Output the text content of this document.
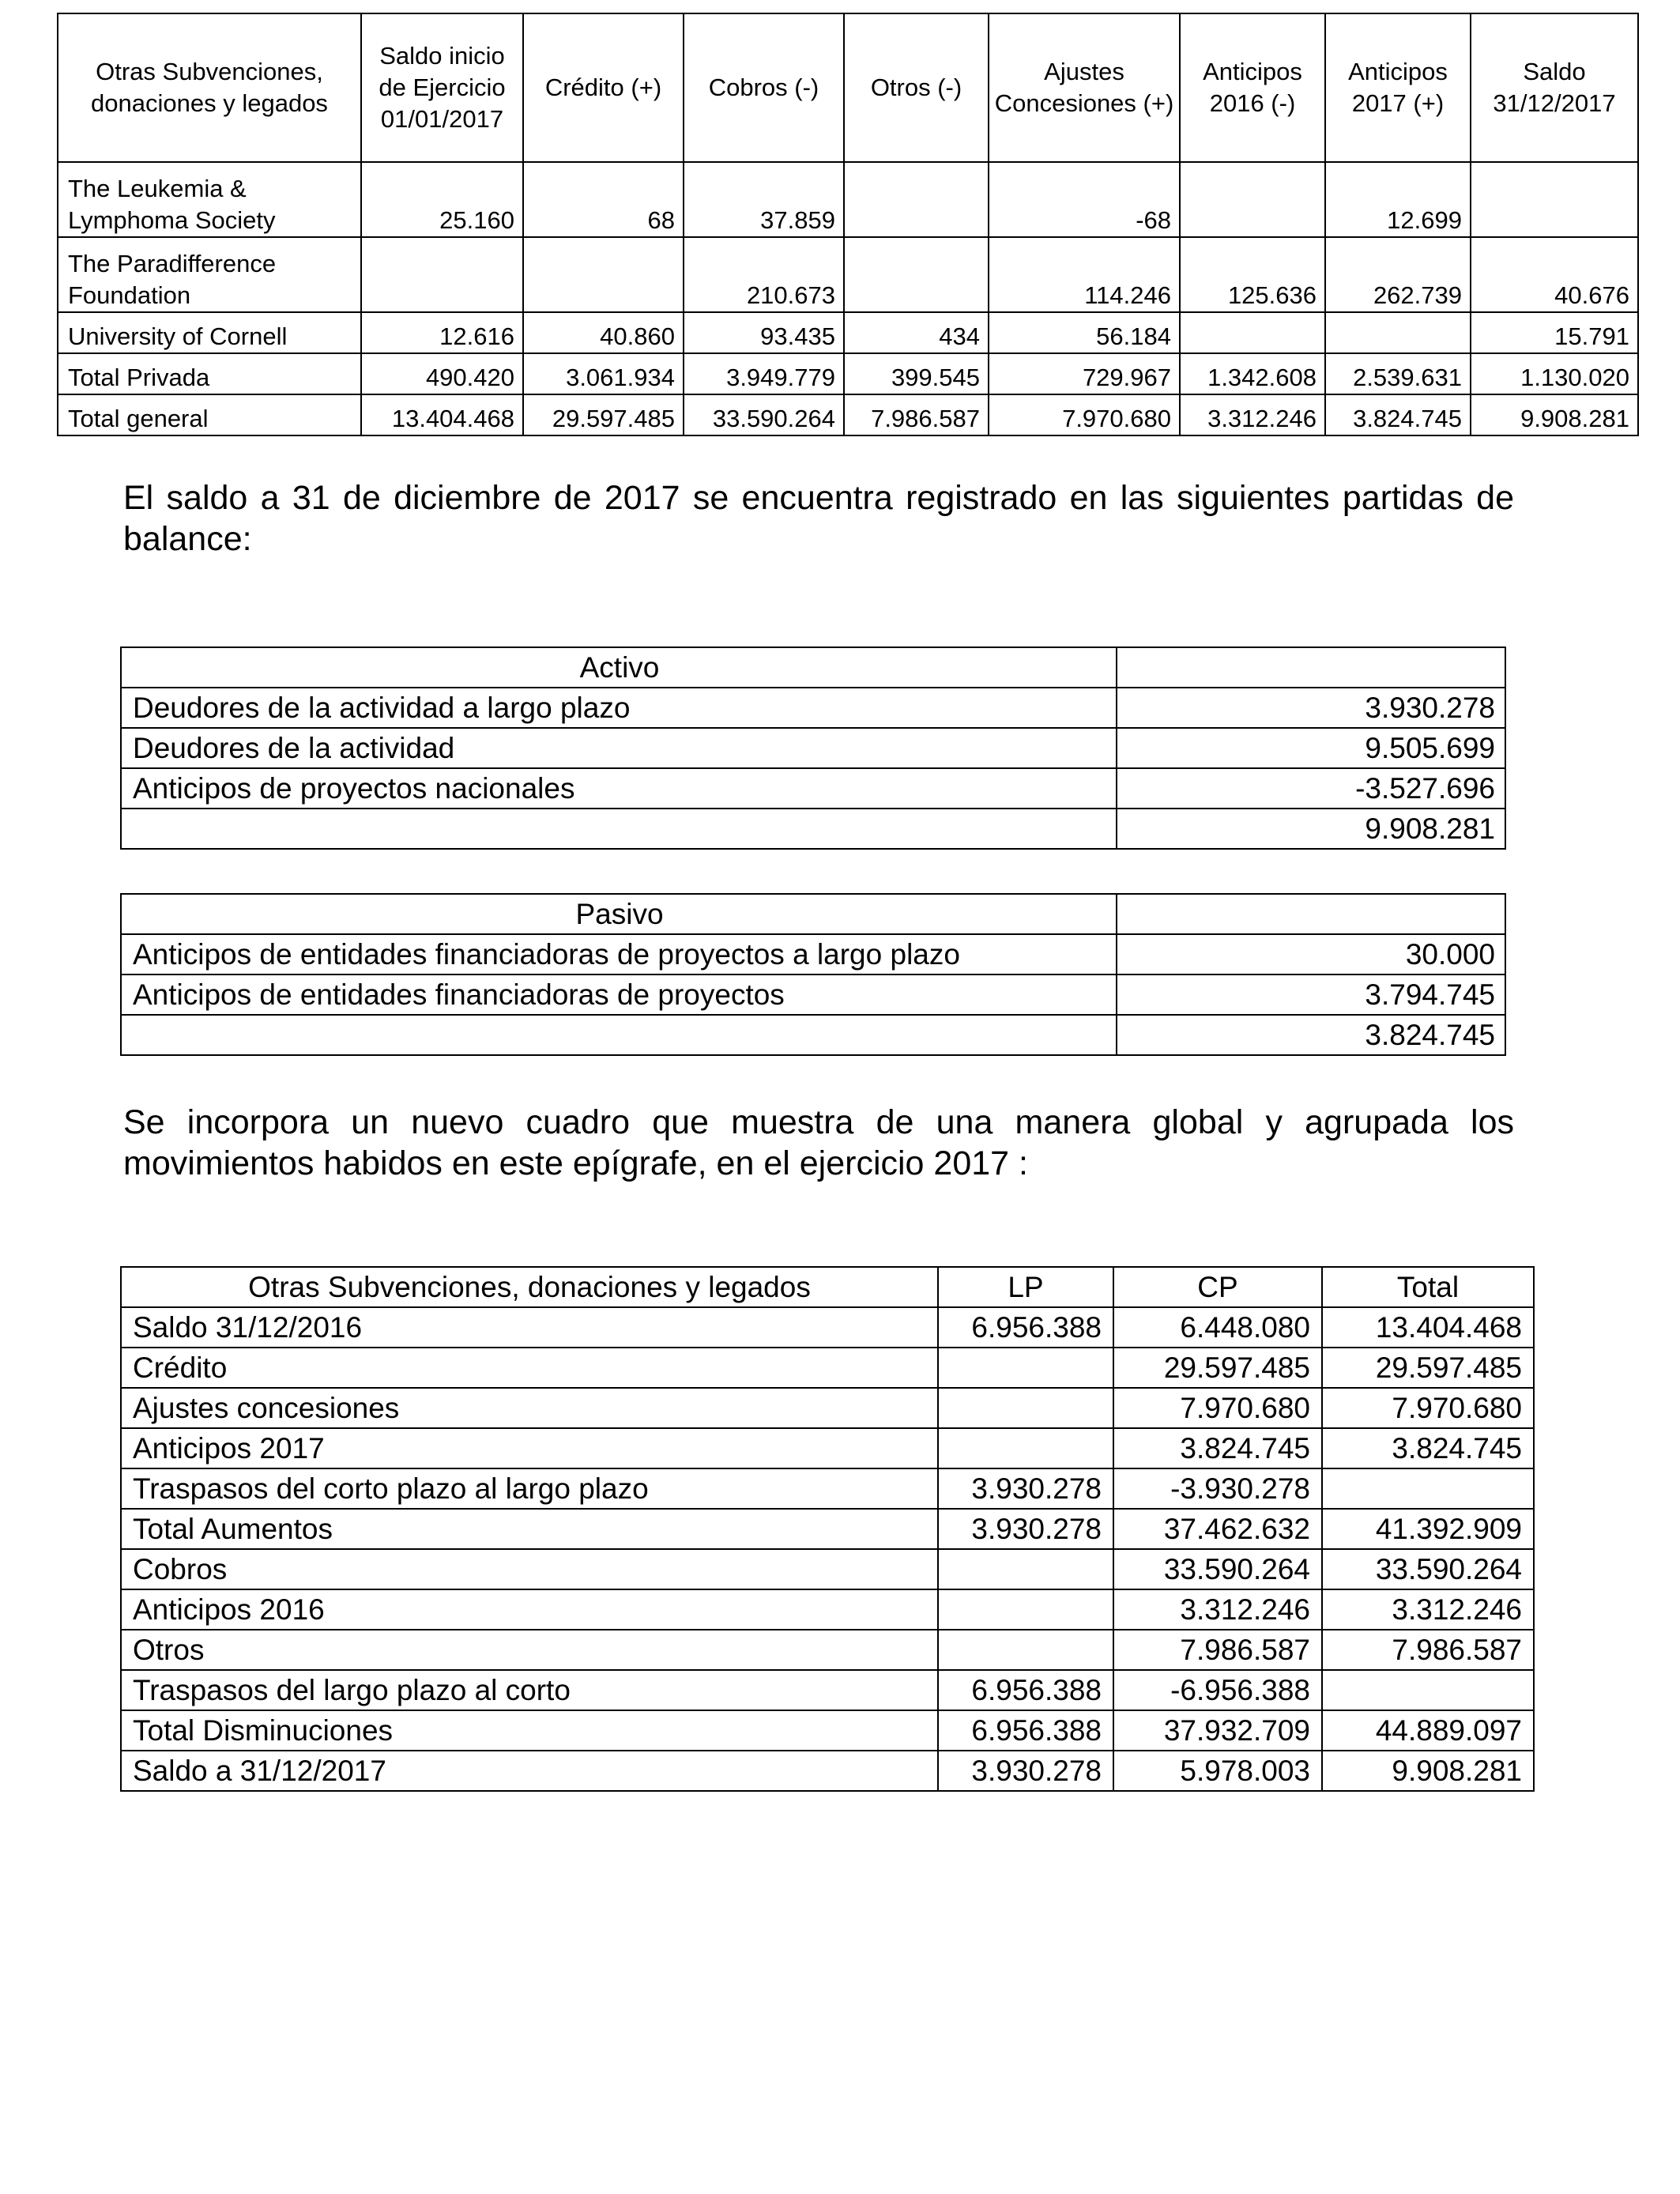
Otras Subvenciones, donaciones y legados	Saldo inicio de Ejercicio 01/01/2017	Crédito (+)	Cobros (-)	Otros (-)	Ajustes Concesiones (+)	Anticipos 2016 (-)	Anticipos 2017 (+)	Saldo 31/12/2017
The Leukemia & Lymphoma Society	25.160	68	37.859		-68		12.699	
The Paradifference Foundation			210.673		114.246	125.636	262.739	40.676
University of Cornell	12.616	40.860	93.435	434	56.184			15.791
Total Privada	490.420	3.061.934	3.949.779	399.545	729.967	1.342.608	2.539.631	1.130.020
Total general	13.404.468	29.597.485	33.590.264	7.986.587	7.970.680	3.312.246	3.824.745	9.908.281

El saldo a 31 de diciembre de 2017 se encuentra registrado en las siguientes partidas de balance:

Activo	
Deudores de la actividad a largo plazo	3.930.278
Deudores de la actividad	9.505.699
Anticipos de proyectos nacionales	-3.527.696
	9.908.281
Pasivo	
Anticipos de entidades financiadoras de proyectos a largo plazo	30.000
Anticipos de entidades financiadoras de proyectos	3.794.745
	3.824.745

Se incorpora un nuevo cuadro que muestra de una manera global y agrupada los movimientos habidos en este epígrafe, en el ejercicio 2017 :

Otras Subvenciones, donaciones y legados	LP	CP	Total
Saldo 31/12/2016	6.956.388	6.448.080	13.404.468
Crédito		29.597.485	29.597.485
Ajustes concesiones		7.970.680	7.970.680
Anticipos 2017		3.824.745	3.824.745
Traspasos del corto plazo al largo plazo	3.930.278	-3.930.278	
Total Aumentos	3.930.278	37.462.632	41.392.909
Cobros		33.590.264	33.590.264
Anticipos 2016		3.312.246	3.312.246
Otros		7.986.587	7.986.587
Traspasos del largo plazo al corto	6.956.388	-6.956.388	
Total Disminuciones	6.956.388	37.932.709	44.889.097
Saldo a 31/12/2017	3.930.278	5.978.003	9.908.281
